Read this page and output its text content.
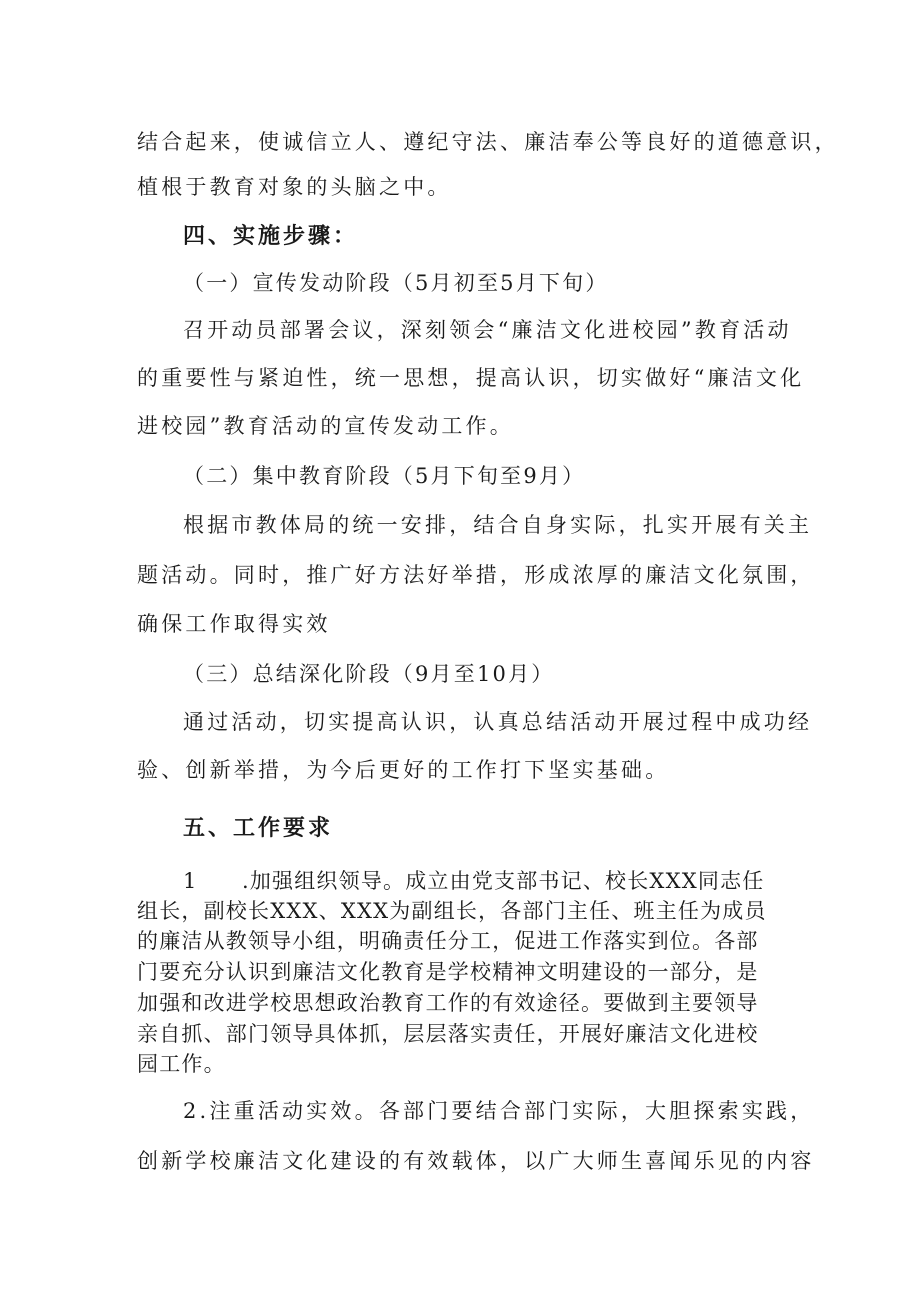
结合起来，使诚信立人、遵纪守法、廉洁奉公等良好的道德意识，
植根于教育对象的头脑之中。
四、实施步骤：
（一）宣传发动阶段（5月初至5月下旬）
召开动员部署会议，深刻领会“廉洁文化进校园”教育活动
的重要性与紧迫性，统一思想，提高认识，切实做好“廉洁文化
进校园”教育活动的宣传发动工作。
（二）集中教育阶段（5月下旬至9月）
根据市教体局的统一安排，结合自身实际，扎实开展有关主
题活动。同时，推广好方法好举措，形成浓厚的廉洁文化氛围，
确保工作取得实效
（三）总结深化阶段（9月至10月）
通过活动，切实提高认识，认真总结活动开展过程中成功经
验、创新举措，为今后更好的工作打下坚实基础。
五、工作要求
1　　.加强组织领导。成立由党支部书记、校长XXX同志任
组长，副校长XXX、XXX为副组长，各部门主任、班主任为成员
的廉洁从教领导小组，明确责任分工，促进工作落实到位。各部
门要充分认识到廉洁文化教育是学校精神文明建设的一部分，是
加强和改进学校思想政治教育工作的有效途径。要做到主要领导
亲自抓、部门领导具体抓，层层落实责任，开展好廉洁文化进校
园工作。
2.注重活动实效。各部门要结合部门实际，大胆探索实践，
创新学校廉洁文化建设的有效载体，以广大师生喜闻乐见的内容
